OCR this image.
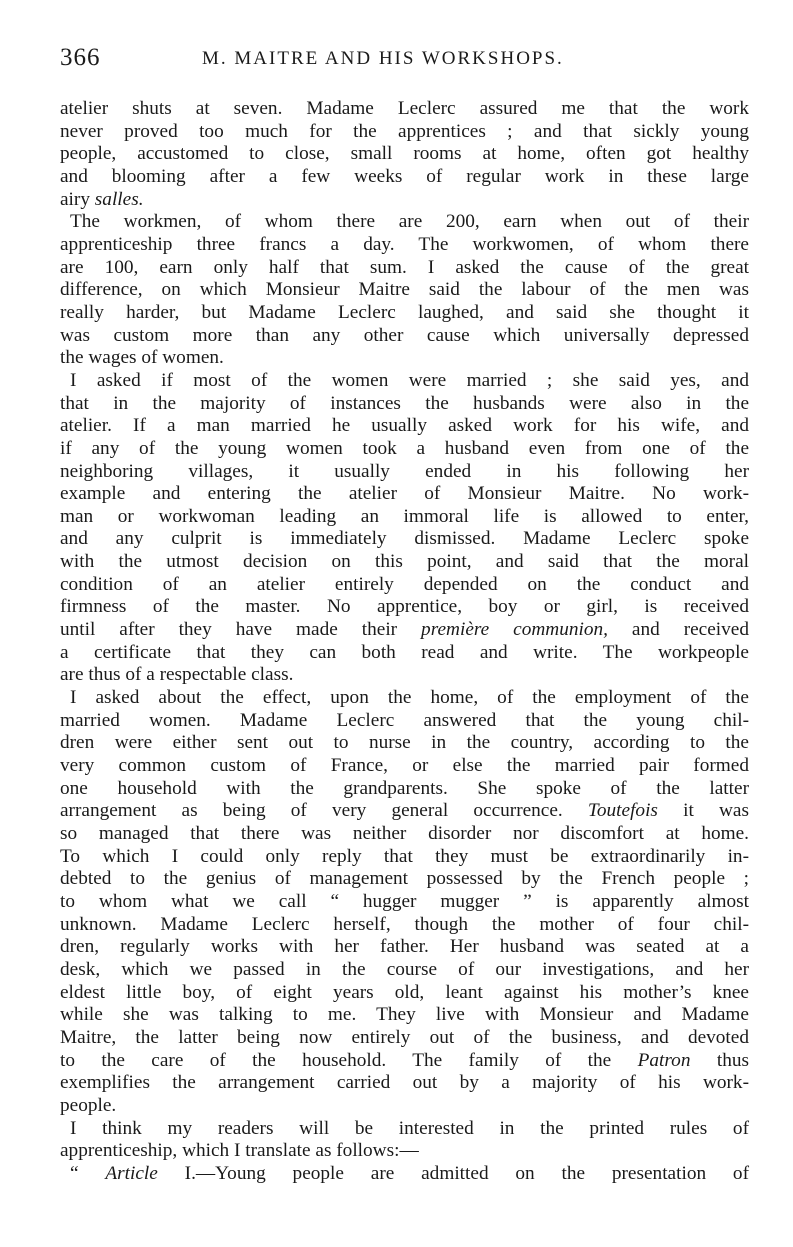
366	M. MAITRE AND HIS WORKSHOPS.

atelier shuts at seven. Madame Leclerc assured me that the work

never proved too much for the apprentices ; and that sickly young

people, accustomed to close, small rooms at home, often got healthy

and blooming after a few weeks of regular work in these large

airy salles.

The workmen, of whom there are 200, earn when out of their

apprenticeship three francs a day. The workwomen, of whom there

are 100, earn only half that sum. I asked the cause of the great

difference, on which Monsieur Maitre said the labour of the men was

really harder, but Madame Leclerc laughed, and said she thought it

was custom more than any other cause which universally depressed

the wages of women.

I asked if most of the women were married ; she said yes, and

that in the majority of instances the husbands were also in the

atelier. If a man married he usually asked work for his wife, and

if any of the young women took a husband even from one of the

neighboring villages, it usually ended in his following her

example and entering the atelier of Monsieur Maitre. No work-

man or workwoman leading an immoral life is allowed to enter,

and any culprit is immediately dismissed. Madame Leclerc spoke

with the utmost decision on this point, and said that the moral

condition of an atelier entirely depended on the conduct and

firmness of the master. No apprentice, boy or girl, is received

until after they have made their première communion, and received

a certificate that they can both read and write. The workpeople

are thus of a respectable class.

I asked about the effect, upon the home, of the employment of the

married women. Madame Leclerc answered that the young chil-

dren were either sent out to nurse in the country, according to the

very common custom of France, or else the married pair formed

one household with the grandparents. She spoke of the latter

arrangement as being of very general occurrence. Toutefois it was

so managed that there was neither disorder nor discomfort at home.

To which I could only reply that they must be extraordinarily in-

debted to the genius of management possessed by the French people ;

to whom what we call “ hugger mugger ” is apparently almost

unknown. Madame Leclerc herself, though the mother of four chil-

dren, regularly works with her father. Her husband was seated at a

desk, which we passed in the course of our investigations, and her

eldest little boy, of eight years old, leant against his mother’s knee

while she was talking to me. They live with Monsieur and Madame

Maitre, the latter being now entirely out of the business, and devoted

to the care of the household. The family of the Patron thus

exemplifies the arrangement carried out by a majority of his work-

people.

I think my readers will be interested in the printed rules of

apprenticeship, which I translate as follows:—

“ Article I.—Young people are admitted on the presentation of
